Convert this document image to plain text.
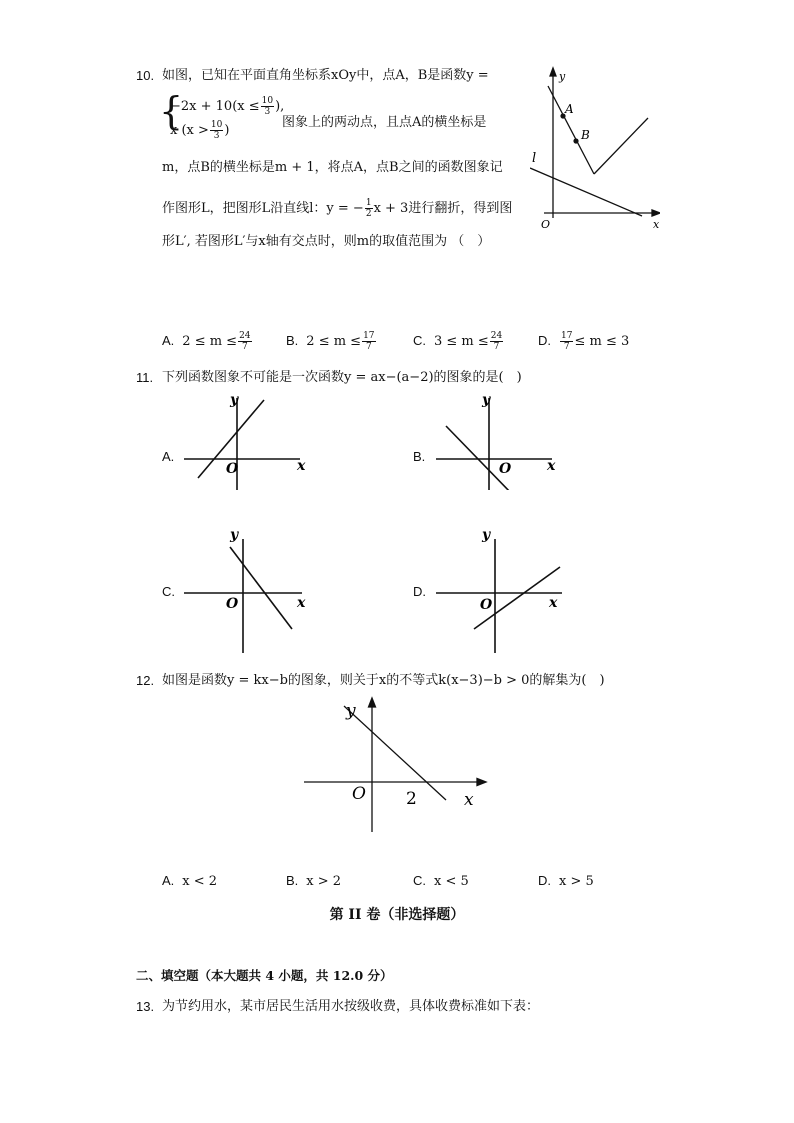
10. 如图，已知在平面直角坐标系xOy中，点A，B是函数y =
{
$-2x + 10(x \le \frac{10}{3}$ ),
x ($x > \frac{10}{3}$ )
图象上的两动点，且点A的横坐标是
m，点B的横坐标是m + 1，将点A，点B之间的函数图象记
作图形L，把图形L沿直线l：y = − $\frac{1}{2}$ x + 3进行翻折，得到图
形L′, 若图形L′与x轴有交点时，则m的取值范围为 （　）
y
x
O
A
B
l
A. $2 \le m \le \frac{24}{7}$	B. $2 \le m \le \frac{17}{7}$	C. $3 \le m \le \frac{24}{7}$	D. $\frac{17}{7} \le m \le 3$
11. 下列函数图象不可能是一次函数y = ax−(a−2)的图象的是(　)
A.
y
x
O
B.
y
x
O
C.
y
x
O
D.
y
x
O
12. 如图是函数y = kx−b的图象，则关于x的不等式k(x−3)−b > 0的解集为(　)
y
x
O 2
A. x < 2	B. x > 2	C. x < 5	D. x > 5
第 II 卷（非选择题）
二、填空题（本大题共 4 小题，共 12.0 分）
13. 为节约用水，某市居民生活用水按级收费，具体收费标准如下表：
